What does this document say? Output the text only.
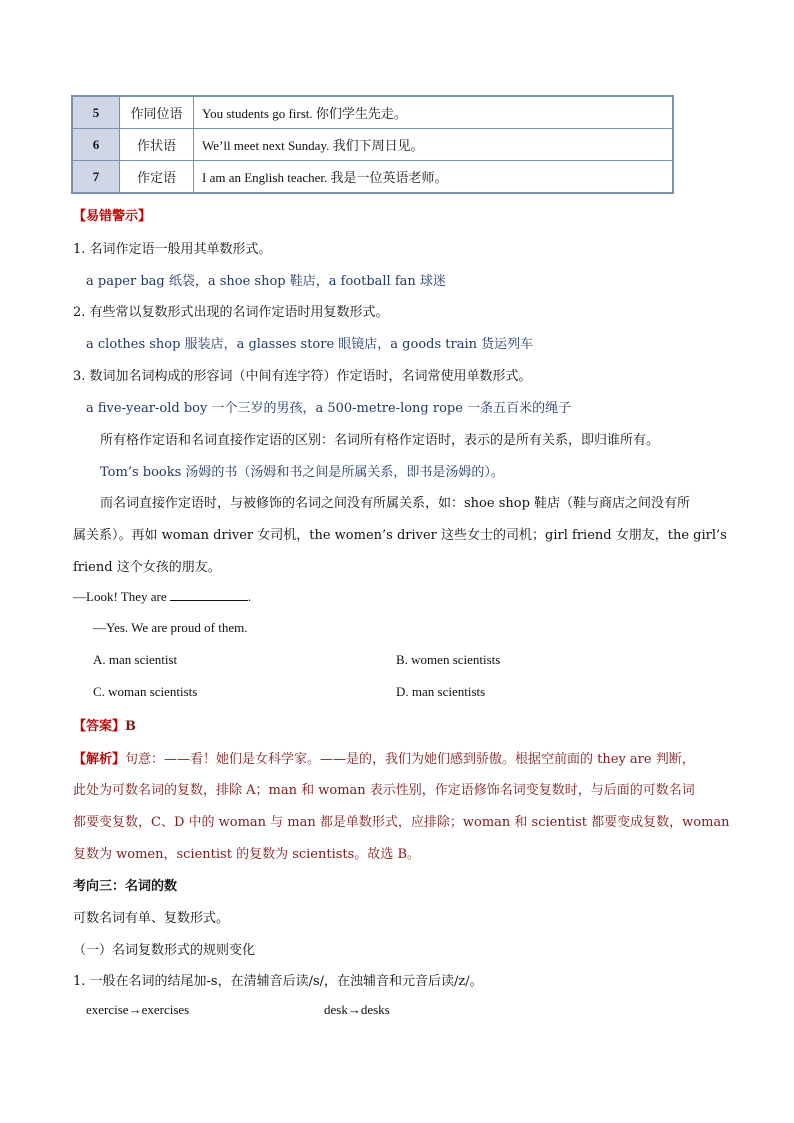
5	作同位语	You students go first. 你们学生先走。
6	作状语	We’ll meet next Sunday. 我们下周日见。
7	作定语	I am an English teacher. 我是一位英语老师。
【易错警示】
1. 名词作定语一般用其单数形式。
a paper bag 纸袋，a shoe shop 鞋店，a football fan 球迷
2. 有些常以复数形式出现的名词作定语时用复数形式。
a clothes shop 服装店，a glasses store 眼镜店，a goods train 货运列车
3. 数词加名词构成的形容词（中间有连字符）作定语时，名词常使用单数形式。
a five-year-old boy 一个三岁的男孩，a 500-metre-long rope 一条五百米的绳子
所有格作定语和名词直接作定语的区别：名词所有格作定语时，表示的是所有关系，即归谁所有。
Tom’s books 汤姆的书（汤姆和书之间是所属关系，即书是汤姆的）。
而名词直接作定语时，与被修饰的名词之间没有所属关系，如：shoe shop 鞋店（鞋与商店之间没有所
属关系）。再如 woman driver 女司机，the women’s driver 这些女士的司机；girl friend 女朋友，the girl’s
friend 这个女孩的朋友。
—Look! They are	.
—Yes. We are proud of them.
A. man scientist	B. women scientists
C. woman scientists	D. man scientists
【答案】B
【解析】句意：——看！她们是女科学家。——是的，我们为她们感到骄傲。根据空前面的 they are 判断，
此处为可数名词的复数，排除 A；man 和 woman 表示性别，作定语修饰名词变复数时，与后面的可数名词
都要变复数，C、D 中的 woman 与 man 都是单数形式，应排除；woman 和 scientist 都要变成复数，woman
复数为 women，scientist 的复数为 scientists。故选 B。
考向三：名词的数
可数名词有单、复数形式。
（一）名词复数形式的规则变化
1. 一般在名词的结尾加-s，在清辅音后读/s/，在浊辅音和元音后读/z/。
exercise→exercises	desk→desks
